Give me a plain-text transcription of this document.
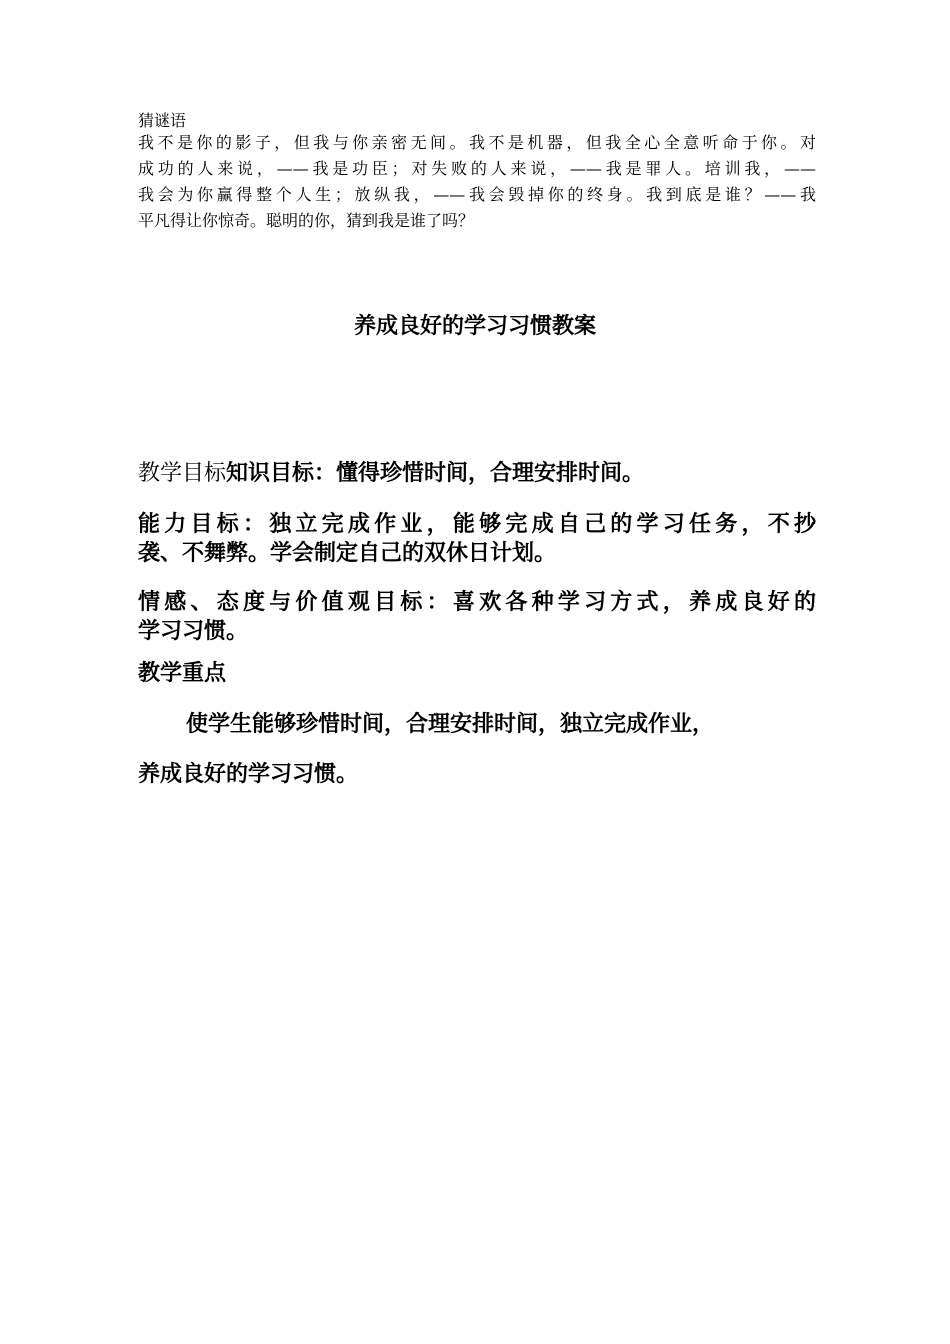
猜谜语
我不是你的影子，但我与你亲密无间。我不是机器，但我全心全意听命于你。对
成功的人来说，——我是功臣；对失败的人来说，——我是罪人。培训我，——
我会为你赢得整个人生；放纵我，——我会毁掉你的终身。我到底是谁？——我
平凡得让你惊奇。聪明的你，猜到我是谁了吗？
养成良好的学习习惯教案
教学目标知识目标：懂得珍惜时间，合理安排时间。
能力目标：独立完成作业，能够完成自己的学习任务，不抄
袭、不舞弊。学会制定自己的双休日计划。
情感、态度与价值观目标：喜欢各种学习方式，养成良好的
学习习惯。
教学重点
使学生能够珍惜时间，合理安排时间，独立完成作业，
养成良好的学习习惯。
